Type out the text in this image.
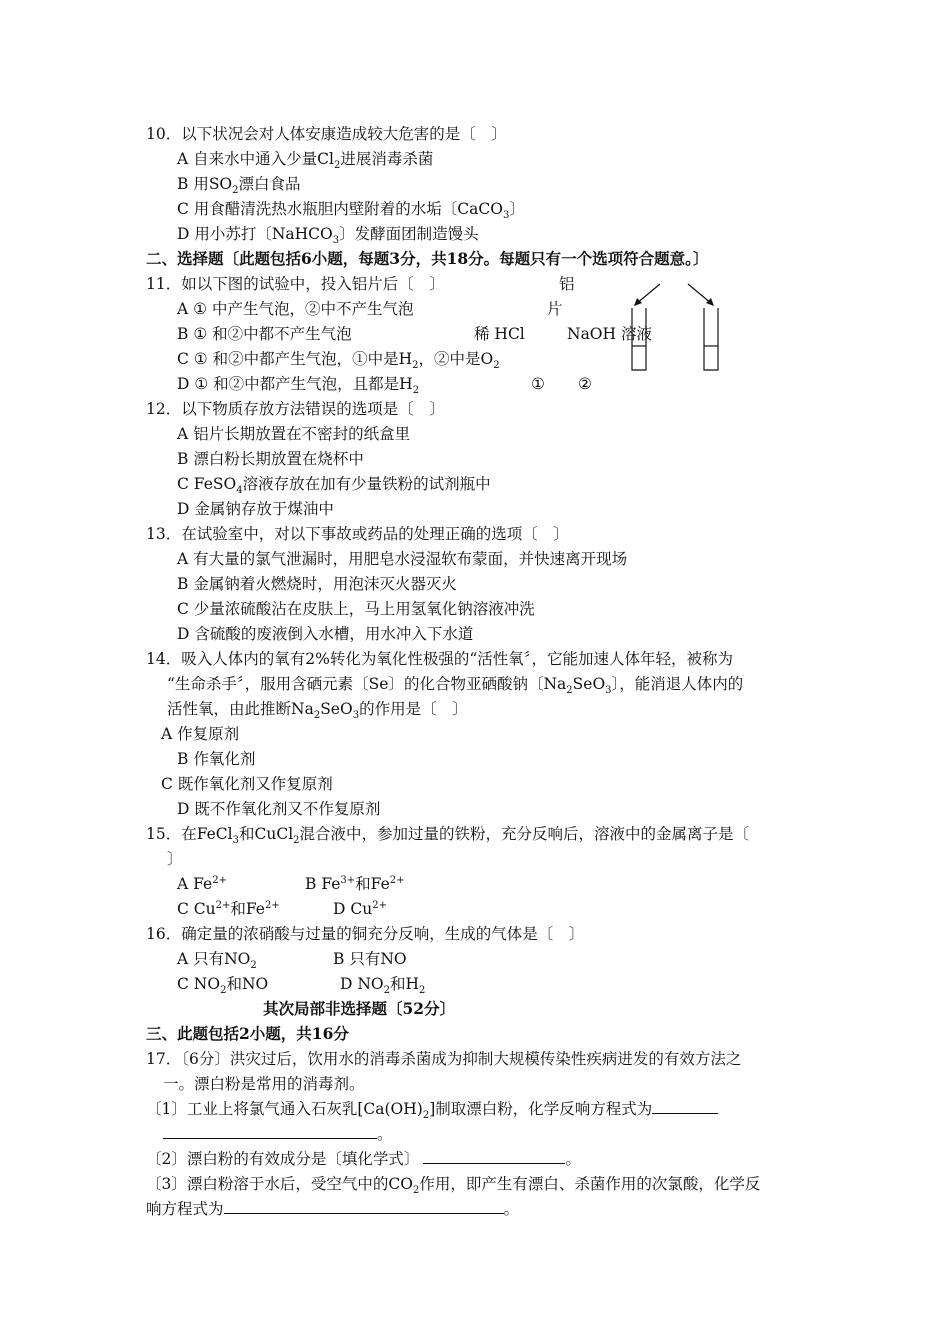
10．以下状况会对人体安康造成较大危害的是〔　〕
A 自来水中通入少量$Cl_2$进展消毒杀菌
B 用$SO_2$漂白食品
C 用食醋清洗热水瓶胆内壁附着的水垢〔CaCO$_3$〕
D 用小苏打〔NaHCO$_3$〕发酵面团制造馒头
二、选择题〔此题包括6小题，每题3分，共18分。每题只有一个选项符合题意。〕
11．如以下图的试验中，投入铝片后〔　〕
A ① 中产生气泡，②中不产生气泡
B ① 和②中都不产生气泡
C ① 和②中都产生气泡，①中是$H_2$，②中是$O_2$
D ① 和②中都产生气泡，且都是$H_2$
铝
片
稀 HCl	NaOH 溶液
① ②
12．以下物质存放方法错误的选项是〔　〕
A 铝片长期放置在不密封的纸盒里
B 漂白粉长期放置在烧杯中
C FeSO$_4$溶液存放在加有少量铁粉的试剂瓶中
D 金属钠存放于煤油中
13．在试验室中，对以下事故或药品的处理正确的选项〔　〕
A 有大量的氯气泄漏时，用肥皂水浸湿软布蒙面，并快速离开现场
B 金属钠着火燃烧时，用泡沫灭火器灭火
C 少量浓硫酸沾在皮肤上，马上用氢氧化钠溶液冲洗
D 含硫酸的废液倒入水槽，用水冲入下水道
14．吸入人体内的氧有2%转化为氧化性极强的“活性氧〞，它能加速人体年轻，被称为
“生命杀手〞，服用含硒元素〔Se〕的化合物亚硒酸钠〔$Na_2SeO_3$〕，能消退人体内的
活性氧，由此推断$Na_2SeO_3$的作用是〔　〕
A 作复原剂
B 作氧化剂
C 既作氧化剂又作复原剂
D 既不作氧化剂又不作复原剂
15．在FeCl$_3$和CuCl$_2$混合液中，参加过量的铁粉，充分反响后，溶液中的金属离子是〔
〕
A $Fe^{2+}$	B $Fe^{3+}$和$Fe^{2+}$
C $Cu^{2+}$和$Fe^{2+}$	D $Cu^{2+}$
16．确定量的浓硝酸与过量的铜充分反响，生成的气体是〔　〕
A 只有$NO_2$	B 只有NO
C $NO_2$和NO	D $NO_2$和$H_2$
其次局部非选择题〔52分〕
三、此题包括2小题，共16分
17．〔6分〕洪灾过后，饮用水的消毒杀菌成为抑制大规模传染性疾病进发的有效方法之
一。漂白粉是常用的消毒剂。
〔1〕工业上将氯气通入石灰乳$[Ca(OH)_2]$制取漂白粉，化学反响方程式为
。
〔2〕漂白粉的有效成分是〔填化学式〕	。
〔3〕漂白粉溶于水后，受空气中的$CO_2$作用，即产生有漂白、杀菌作用的次氯酸，化学反
响方程式为	。
